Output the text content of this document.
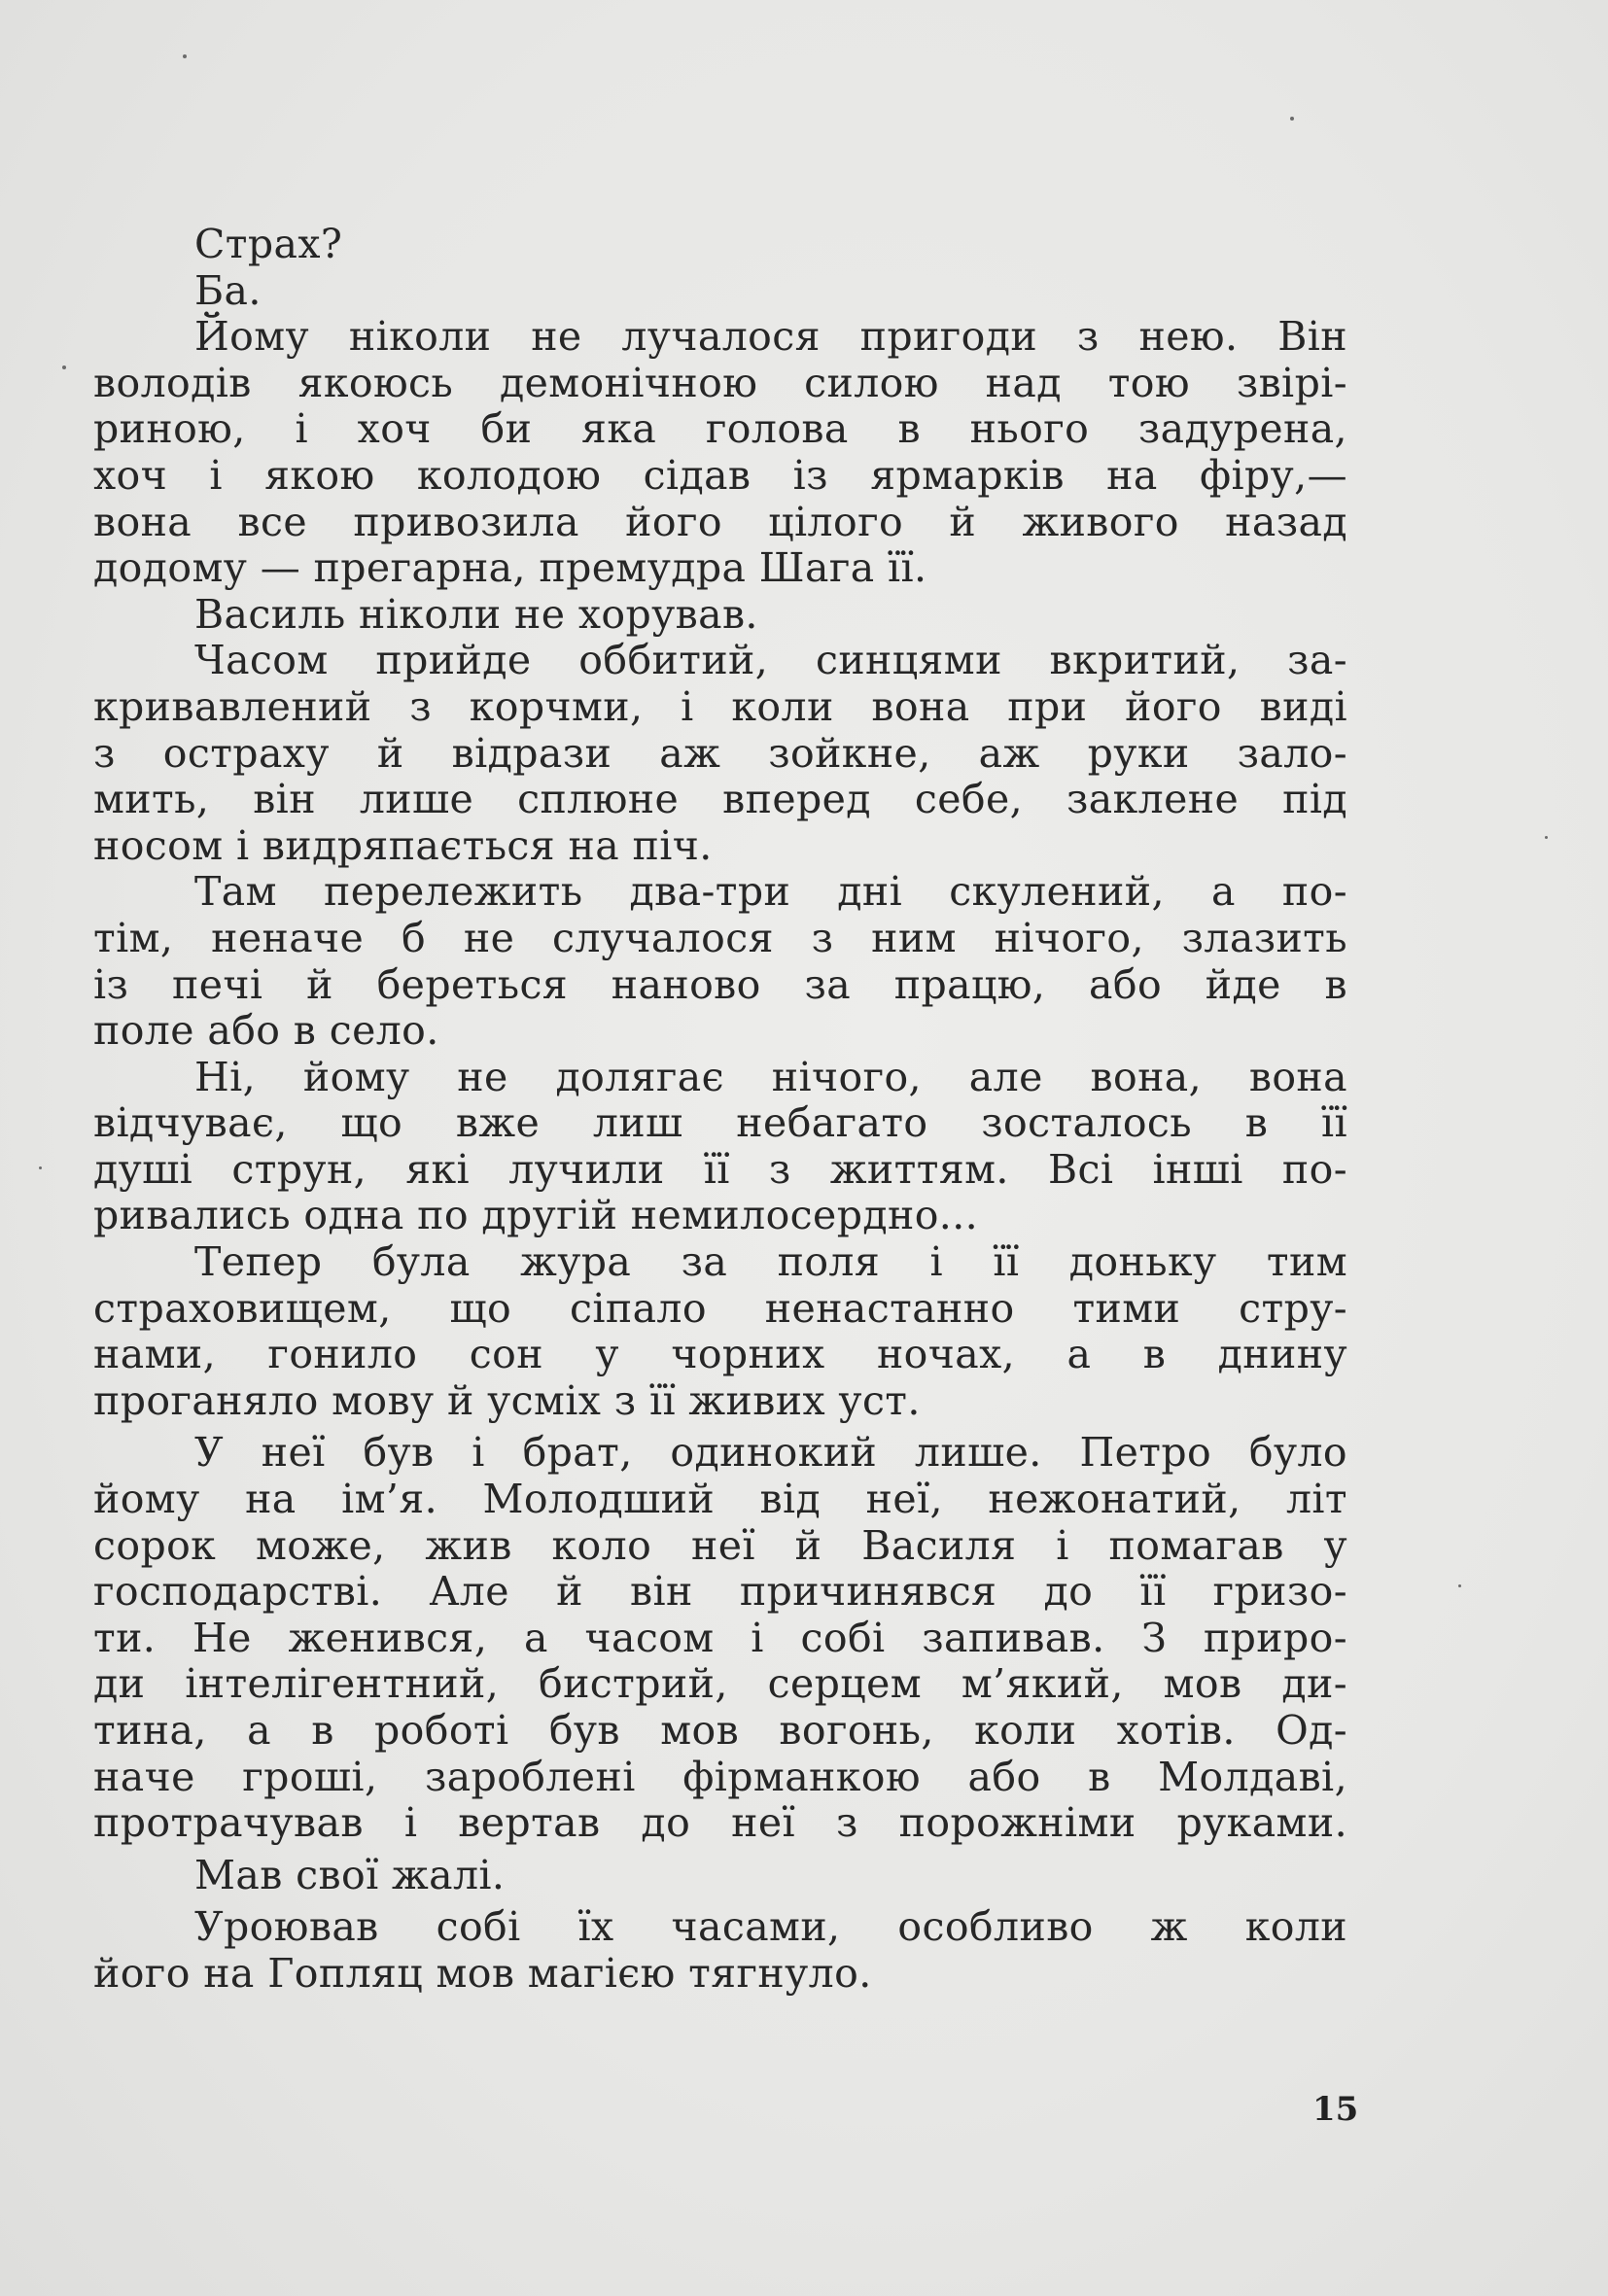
Страх?

Ба.

Йому ніколи не лучалося пригоди з нею. Він
володів якоюсь демонічною силою над тою звірі-
риною, і хоч би яка голова в нього задурена,
хоч і якою колодою сідав із ярмарків на фіру,—
вона все привозила його цілого й живого назад
додому — прегарна, премудра Шага її.

Василь ніколи не хорував.

Часом прийде оббитий, синцями вкритий, за-
кривавлений з корчми, і коли вона при його виді
з остраху й відрази аж зойкне, аж руки зало-
мить, він лише сплюне вперед себе, заклене під
носом і видряпається на піч.

Там перележить два-три дні скулений, а по-
тім, неначе б не случалося з ним нічого, злазить
із печі й береться наново за працю, або йде в
поле або в село.

Ні, йому не долягає нічого, але вона, вона
відчуває, що вже лиш небагато зосталось в її
душі струн, які лучили її з життям. Всі інші по-
ривались одна по другій немилосердно...

Тепер була жура за поля і її доньку тим
страховищем, що сіпало ненастанно тими стру-
нами, гонило сон у чорних ночах, а в днину
проганяло мову й усміх з її живих уст.

У неї був і брат, одинокий лише. Петро було
йому на ім’я. Молодший від неї, нежонатий, літ
сорок може, жив коло неї й Василя і помагав у
господарстві. Але й він причинявся до її гризо-
ти. Не женився, а часом і собі запивав. З приро-
ди інтелігентний, бистрий, серцем м’який, мов ди-
тина, а в роботі був мов вогонь, коли хотів. Од-
наче гроші, зароблені фірманкою або в Молдаві,
протрачував і вертав до неї з порожніми руками.

Мав свої жалі.

Уроював собі їх часами, особливо ж коли
його на Гопляц мов магією тягнуло.

15
